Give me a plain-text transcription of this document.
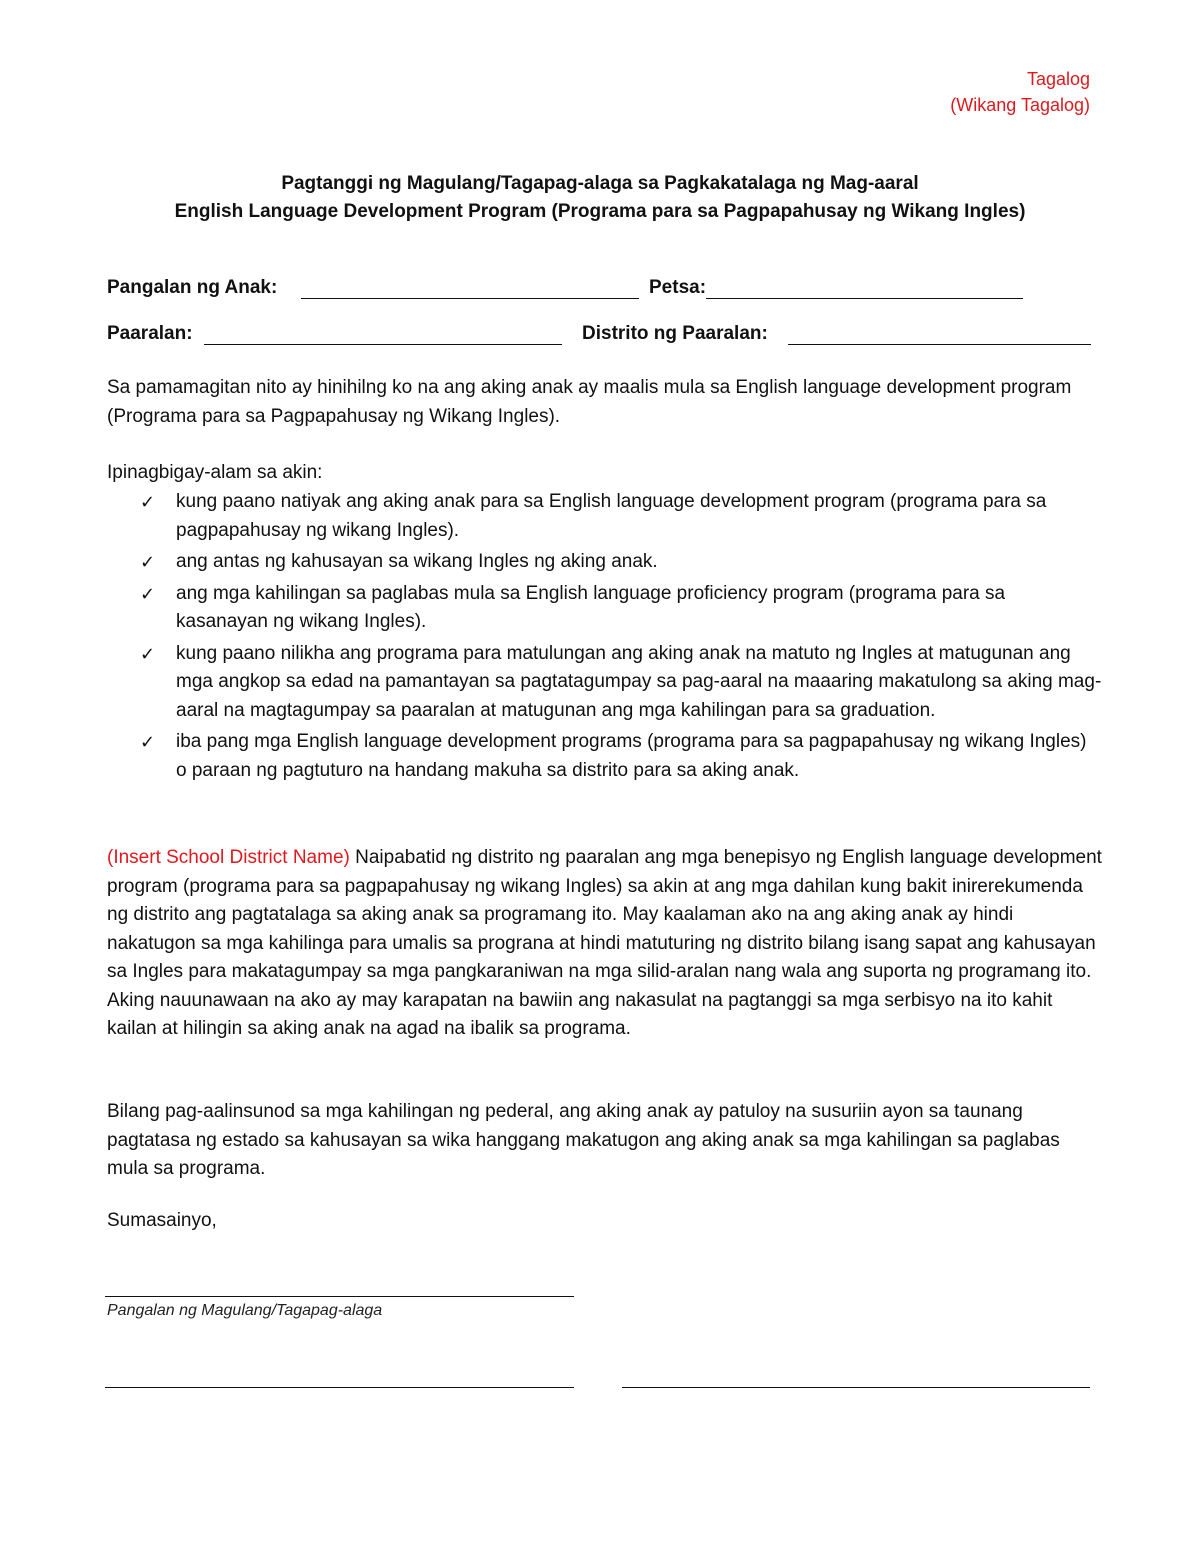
Tagalog
(Wikang Tagalog)
Pagtanggi ng Magulang/Tagapag-alaga sa Pagkakatalaga ng Mag-aaral
English Language Development Program (Programa para sa Pagpapahusay ng Wikang Ingles)
Pangalan ng Anak:	Petsa:
Paaralan:	Distrito ng Paaralan:

Sa pamamagitan nito ay hinihilng ko na ang aking anak ay maalis mula sa English language development program (Programa para sa Pagpapahusay ng Wikang Ingles).

Ipinagbigay-alam sa akin:

✓ kung paano natiyak ang aking anak para sa English language development program (programa para sa pagpapahusay ng wikang Ingles).
✓ ang antas ng kahusayan sa wikang Ingles ng aking anak.
✓ ang mga kahilingan sa paglabas mula sa English language proficiency program (programa para sa kasanayan ng wikang Ingles).
✓ kung paano nilikha ang programa para matulungan ang aking anak na matuto ng Ingles at matugunan ang mga angkop sa edad na pamantayan sa pagtatagumpay sa pag-aaral na maaaring makatulong sa aking mag-aaral na magtagumpay sa paaralan at matugunan ang mga kahilingan para sa graduation.
✓ iba pang mga English language development programs (programa para sa pagpapahusay ng wikang Ingles) o paraan ng pagtuturo na handang makuha sa distrito para sa aking anak.

(Insert School District Name) Naipabatid ng distrito ng paaralan ang mga benepisyo ng English language development program (programa para sa pagpapahusay ng wikang Ingles) sa akin at ang mga dahilan kung bakit inirerekumenda ng distrito ang pagtatalaga sa aking anak sa programang ito. May kaalaman ako na ang aking anak ay hindi nakatugon sa mga kahilinga para umalis sa prograna at hindi matuturing ng distrito bilang isang sapat ang kahusayan sa Ingles para makatagumpay sa mga pangkaraniwan na mga silid-aralan nang wala ang suporta ng programang ito. Aking nauunawaan na ako ay may karapatan na bawiin ang nakasulat na pagtanggi sa mga serbisyo na ito kahit kailan at hilingin sa aking anak na agad na ibalik sa programa.

Bilang pag-aalinsunod sa mga kahilingan ng pederal, ang aking anak ay patuloy na susuriin ayon sa taunang pagtatasa ng estado sa kahusayan sa wika hanggang makatugon ang aking anak sa mga kahilingan sa paglabas mula sa programa.

Sumasainyo,

Pangalan ng Magulang/Tagapag-alaga
